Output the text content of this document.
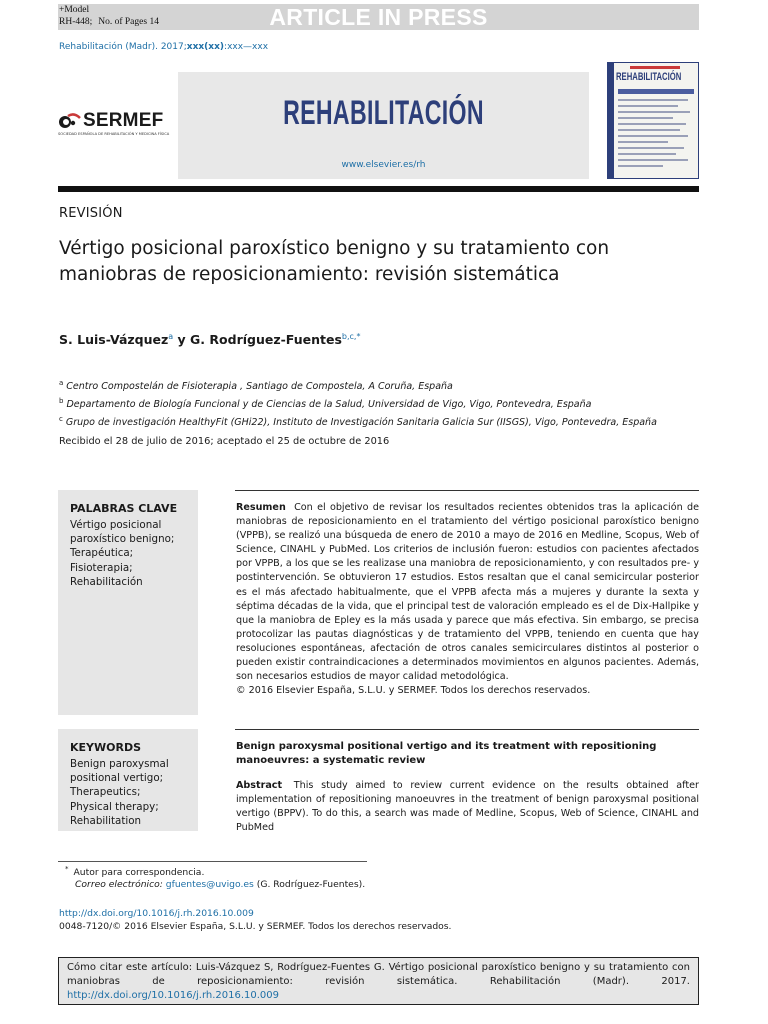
+Model
RH-448; No. of Pages 14	ARTICLE IN PRESS
Rehabilitación (Madr). 2017;xxx(xx):xxx—xxx
SERMEF
SOCIEDAD ESPAÑOLA DE REHABILITACIÓN Y MEDICINA FÍSICA
REHABILITACIÓN
www.elsevier.es/rh
REHABILITACIÓN
REVISIÓN
Vértigo posicional paroxístico benigno y su tratamiento con maniobras de reposicionamiento: revisión sistemática
S. Luis-Vázquez$^a$ y G. Rodríguez-Fuentes$^{b,c,*}$
$^a$ Centro Compostelán de Fisioterapia , Santiago de Compostela, A Coruña, España
$^b$ Departamento de Biología Funcional y de Ciencias de la Salud, Universidad de Vigo, Vigo, Pontevedra, España
$^c$ Grupo de investigación HealthyFit (GHi22), Instituto de Investigación Sanitaria Galicia Sur (IISGS), Vigo, Pontevedra, España
Recibido el 28 de julio de 2016; aceptado el 25 de octubre de 2016
PALABRAS CLAVE
Vértigo posicional
paroxístico benigno;
Terapéutica;
Fisioterapia;
Rehabilitación
Resumen Con el objetivo de revisar los resultados recientes obtenidos tras la aplicación de maniobras de reposicionamiento en el tratamiento del vértigo posicional paroxístico benigno (VPPB), se realizó una búsqueda de enero de 2010 a mayo de 2016 en Medline, Scopus, Web of Science, CINAHL y PubMed. Los criterios de inclusión fueron: estudios con pacientes afectados por VPPB, a los que se les realizase una maniobra de reposicionamiento, y con resultados pre- y postintervención. Se obtuvieron 17 estudios. Estos resaltan que el canal semicircular posterior es el más afectado habitualmente, que el VPPB afecta más a mujeres y durante la sexta y séptima décadas de la vida, que el principal test de valoración empleado es el de Dix-Hallpike y que la maniobra de Epley es la más usada y parece que más efectiva. Sin embargo, se precisa protocolizar las pautas diagnósticas y de tratamiento del VPPB, teniendo en cuenta que hay resoluciones espontáneas, afectación de otros canales semicirculares distintos al posterior o pueden existir contraindicaciones a determinados movimientos en algunos pacientes. Además, son necesarios estudios de mayor calidad metodológica.
© 2016 Elsevier España, S.L.U. y SERMEF. Todos los derechos reservados.
KEYWORDS
Benign paroxysmal
positional vertigo;
Therapeutics;
Physical therapy;
Rehabilitation
Benign paroxysmal positional vertigo and its treatment with repositioning manoeuvres: a systematic review
Abstract This study aimed to review current evidence on the results obtained after implementation of repositioning manoeuvres in the treatment of benign paroxysmal positional vertigo (BPPV). To do this, a search was made of Medline, Scopus, Web of Science, CINAHL and PubMed
* Autor para correspondencia.
Correo electrónico: gfuentes@uvigo.es (G. Rodríguez-Fuentes).
http://dx.doi.org/10.1016/j.rh.2016.10.009
0048-7120/© 2016 Elsevier España, S.L.U. y SERMEF. Todos los derechos reservados.
Cómo citar este artículo: Luis-Vázquez S, Rodríguez-Fuentes G. Vértigo posicional paroxístico benigno y su tratamiento con maniobras de reposicionamiento: revisión sistemática. Rehabilitación (Madr). 2017. http://dx.doi.org/10.1016/j.rh.2016.10.009
